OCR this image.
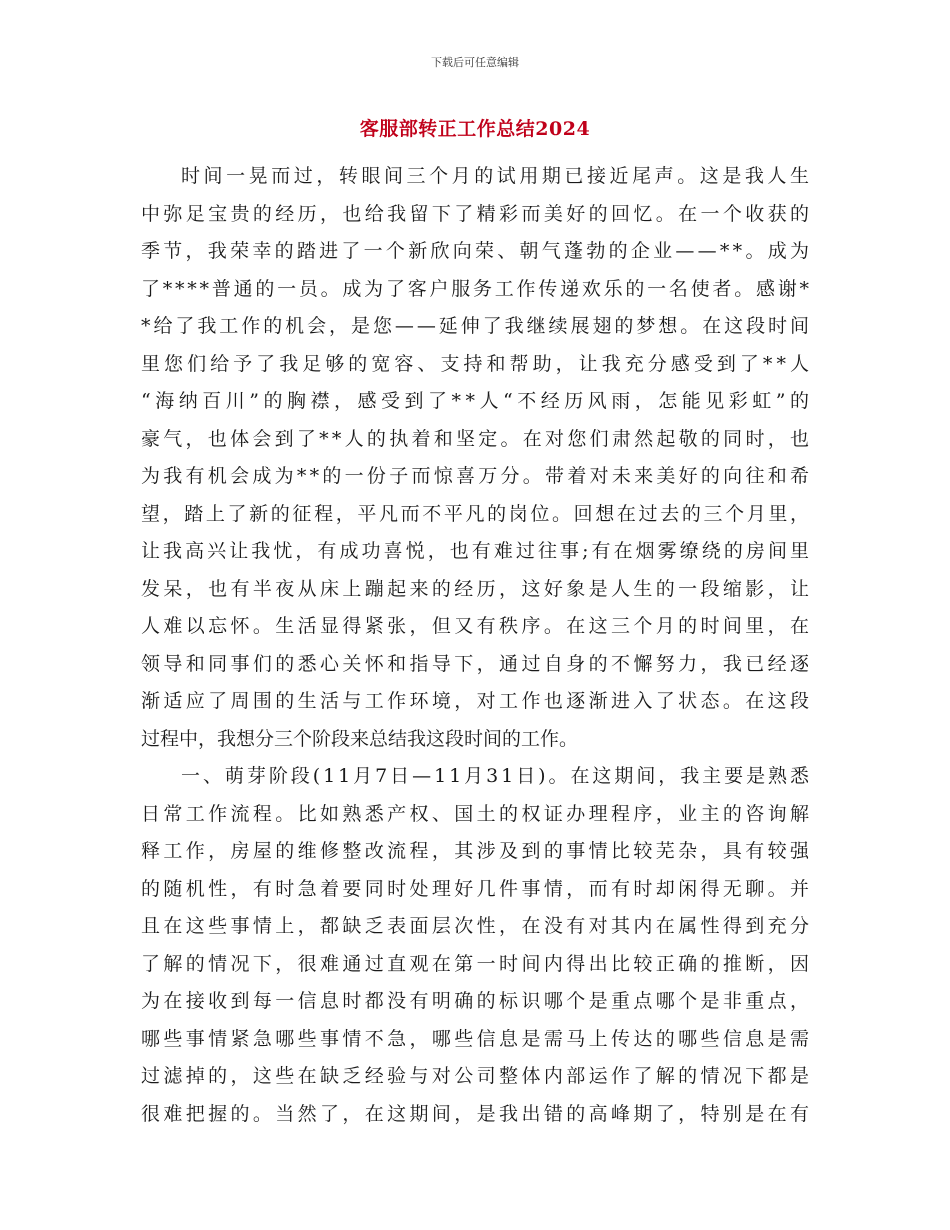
下载后可任意编辑
客服部转正工作总结2024
时间一晃而过，转眼间三个月的试用期已接近尾声。这是我人生
中弥足宝贵的经历，也给我留下了精彩而美好的回忆。在一个收获的
季节，我荣幸的踏进了一个新欣向荣、朝气蓬勃的企业——**。成为
了****普通的一员。成为了客户服务工作传递欢乐的一名使者。感谢*
*给了我工作的机会，是您——延伸了我继续展翅的梦想。在这段时间
里您们给予了我足够的宽容、支持和帮助，让我充分感受到了**人
“海纳百川”的胸襟，感受到了**人“不经历风雨，怎能见彩虹”的
豪气，也体会到了**人的执着和坚定。在对您们肃然起敬的同时，也
为我有机会成为**的一份子而惊喜万分。带着对未来美好的向往和希
望，踏上了新的征程，平凡而不平凡的岗位。回想在过去的三个月里，
让我高兴让我忧，有成功喜悦，也有难过往事;有在烟雾缭绕的房间里
发呆，也有半夜从床上蹦起来的经历，这好象是人生的一段缩影，让
人难以忘怀。生活显得紧张，但又有秩序。在这三个月的时间里，在
领导和同事们的悉心关怀和指导下，通过自身的不懈努力，我已经逐
渐适应了周围的生活与工作环境，对工作也逐渐进入了状态。在这段
过程中，我想分三个阶段来总结我这段时间的工作。
一、萌芽阶段(11月7日—11月31日)。在这期间，我主要是熟悉
日常工作流程。比如熟悉产权、国土的权证办理程序，业主的咨询解
释工作，房屋的维修整改流程，其涉及到的事情比较芜杂，具有较强
的随机性，有时急着要同时处理好几件事情，而有时却闲得无聊。并
且在这些事情上，都缺乏表面层次性，在没有对其内在属性得到充分
了解的情况下，很难通过直观在第一时间内得出比较正确的推断，因
为在接收到每一信息时都没有明确的标识哪个是重点哪个是非重点，
哪些事情紧急哪些事情不急，哪些信息是需马上传达的哪些信息是需
过滤掉的，这些在缺乏经验与对公司整体内部运作了解的情况下都是
很难把握的。当然了，在这期间，是我出错的高峰期了，特别是在有
